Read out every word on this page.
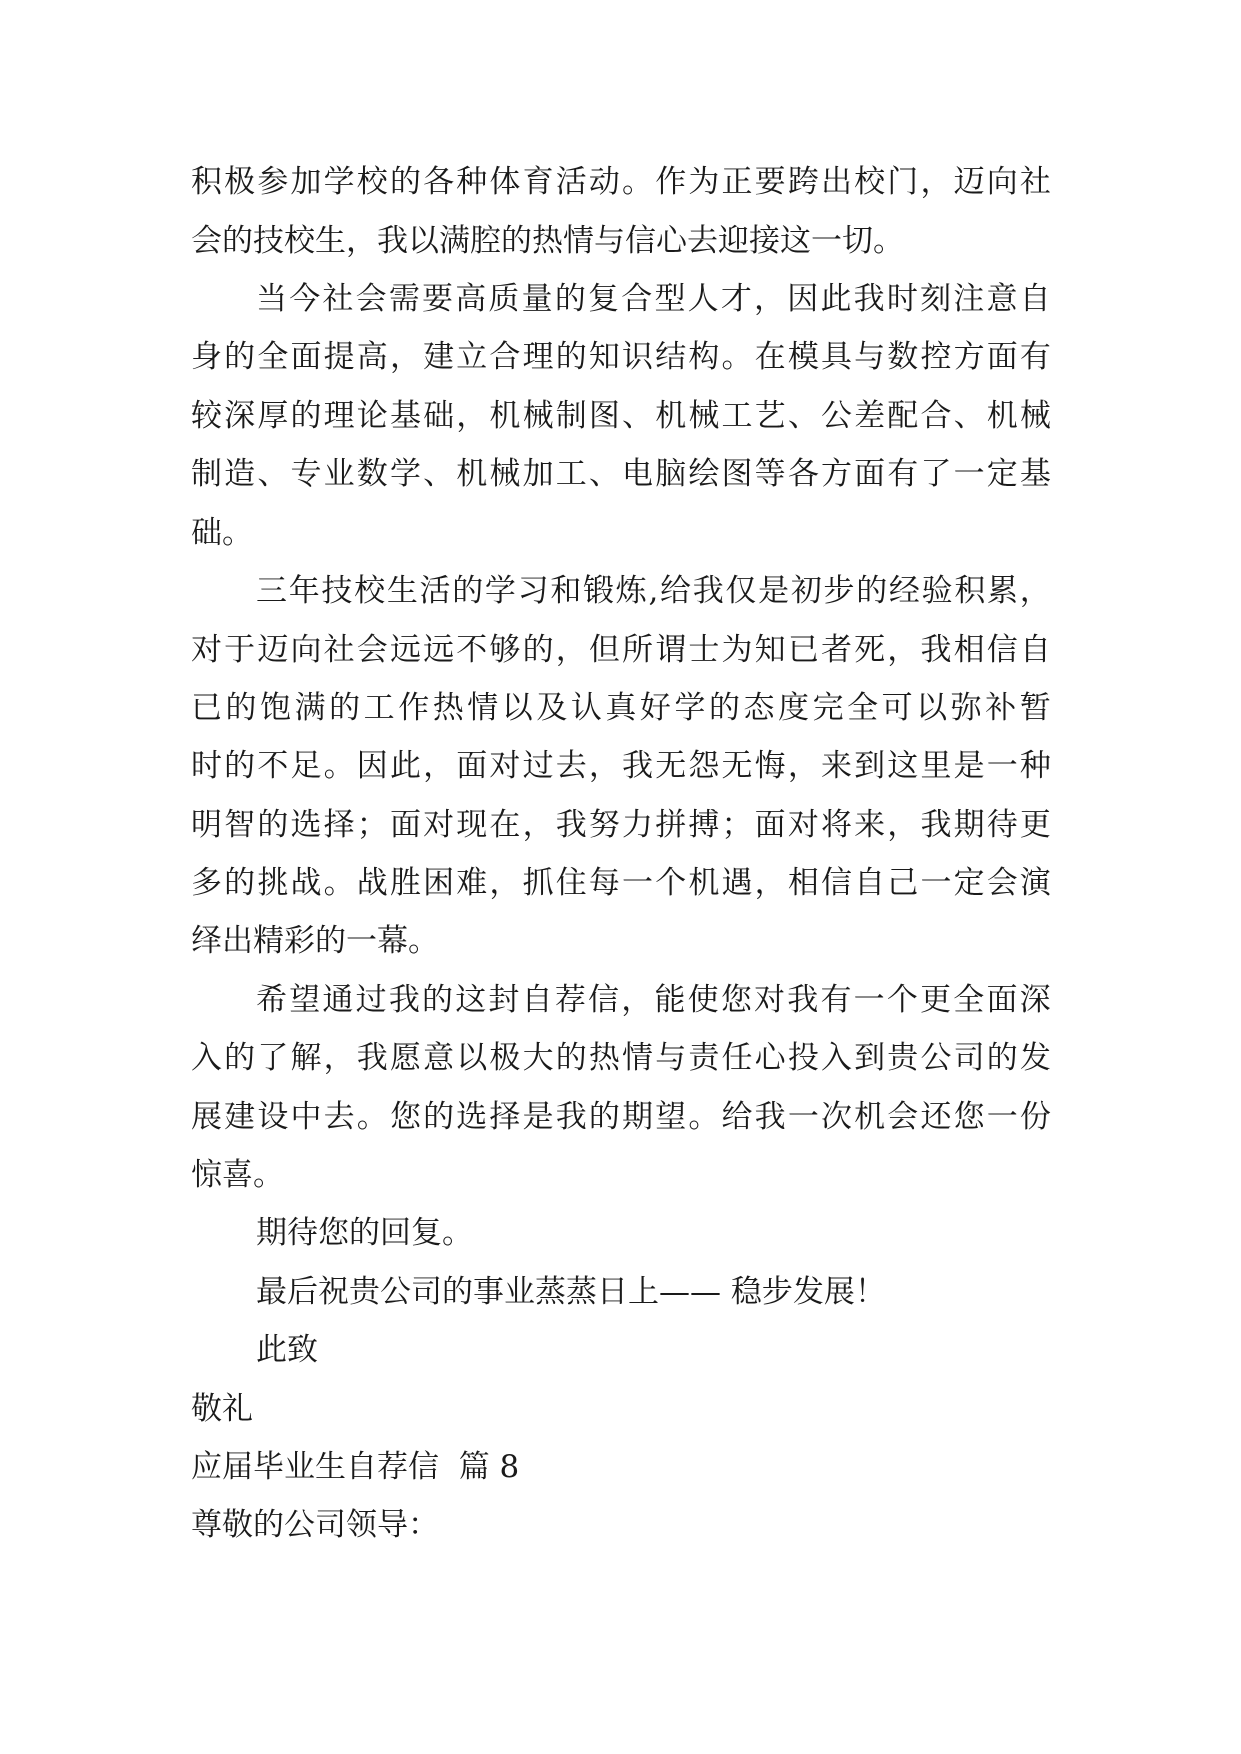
积 极 参 加 学 校 的 各 种 体 育 活 动 。 作 为 正 要 跨 出 校 门 ， 迈 向 社
会的技校生，我以满腔的热情与信心去迎接这一切。
当 今 社 会 需 要 高 质 量 的 复 合 型 人 才 ， 因 此 我 时 刻 注 意 自
身 的 全 面 提 高 ， 建 立 合 理 的 知 识 结 构 。 在 模 具 与 数 控 方 面 有
较 深 厚 的 理 论 基 础 ， 机 械 制 图 、 机 械 工 艺 、 公 差 配 合 、 机 械
制 造 、 专 业 数 学 、 机 械 加 工 、 电 脑 绘 图 等 各 方 面 有 了 一 定 基
础。
三 年 技 校 生 活 的 学 习 和 锻 炼 , 给 我 仅 是 初 步 的 经 验 积 累 ，
对 于 迈 向 社 会 远 远 不 够 的 ， 但 所 谓 士 为 知 已 者 死 ， 我 相 信 自
已 的 饱 满 的 工 作 热 情 以 及 认 真 好 学 的 态 度 完 全 可 以 弥 补 暂
时 的 不 足 。 因 此 ， 面 对 过 去 ， 我 无 怨 无 悔 ， 来 到 这 里 是 一 种
明 智 的 选 择 ； 面 对 现 在 ， 我 努 力 拼 搏 ； 面 对 将 来 ， 我 期 待 更
多 的 挑 战 。 战 胜 困 难 ， 抓 住 每 一 个 机 遇 ， 相 信 自 己 一 定 会 演
绎出精彩的一幕。
希 望 通 过 我 的 这 封 自 荐 信 ， 能 使 您 对 我 有 一 个 更 全 面 深
入 的 了 解 ， 我 愿 意 以 极 大 的 热 情 与 责 任 心 投 入 到 贵 公 司 的 发
展 建 设 中 去 。 您 的 选 择 是 我 的 期 望 。 给 我 一 次 机 会 还 您 一 份
惊喜。
期待您的回复。
最后祝贵公司的事业蒸蒸日上—— 稳步发展！
此致
敬礼
应届毕业生自荐信  篇 8
尊敬的公司领导：
